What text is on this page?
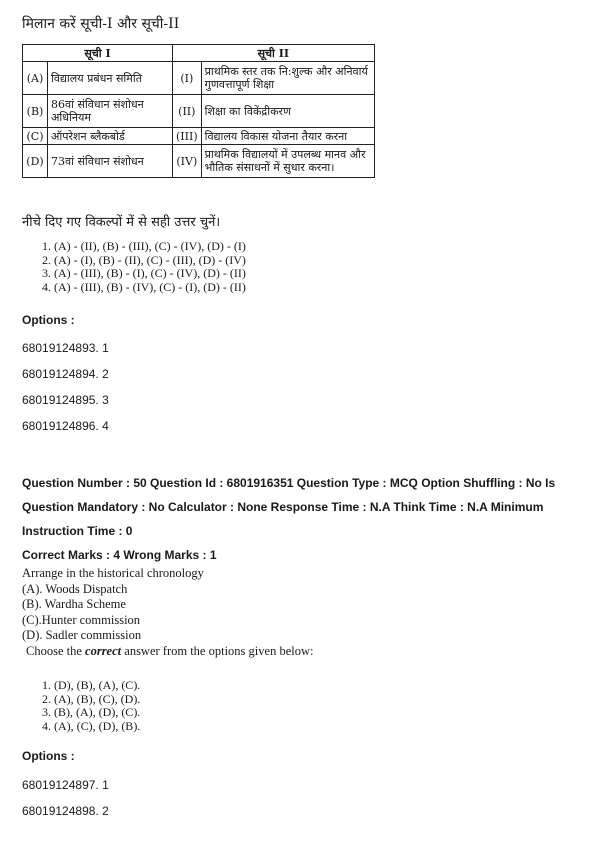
मिलान करें सूची-I और सूची-II
सूची I		सूची II	
(A)	विद्यालय प्रबंधन समिति	(I)	प्राथमिक स्तर तक नि:शुल्क और अनिवार्य गुणवत्तापूर्ण शिक्षा
(B)	86वां संविधान संशोधन अधिनियम	(II)	शिक्षा का विकेंद्रीकरण
(C)	ऑपरेशन ब्लैकबोर्ड	(III)	विद्यालय विकास योजना तैयार करना
(D)	73वां संविधान संशोधन	(IV)	प्राथमिक विद्यालयों में उपलब्ध मानव और भौतिक संसाधनों में सुधार करना।
नीचे दिए गए विकल्पों में से सही उत्तर चुनें।
1. (A) - (II), (B) - (III), (C) - (IV), (D) - (I)
2. (A) - (I), (B) - (II), (C) - (III), (D) - (IV)
3. (A) - (III), (B) - (I), (C) - (IV), (D) - (II)
4. (A) - (III), (B) - (IV), (C) - (I), (D) - (II)
Options :
68019124893. 1
68019124894. 2
68019124895. 3
68019124896. 4
Question Number : 50 Question Id : 6801916351 Question Type : MCQ Option Shuffling : No Is
Question Mandatory : No Calculator : None Response Time : N.A Think Time : N.A Minimum
Instruction Time : 0
Correct Marks : 4 Wrong Marks : 1
Arrange in the historical chronology
(A). Woods Dispatch
(B). Wardha Scheme
(C).Hunter commission
(D). Sadler commission
Choose the correct answer from the options given below:
1. (D), (B), (A), (C).
2. (A), (B), (C), (D).
3. (B), (A), (D), (C).
4. (A), (C), (D), (B).
Options :
68019124897. 1
68019124898. 2
